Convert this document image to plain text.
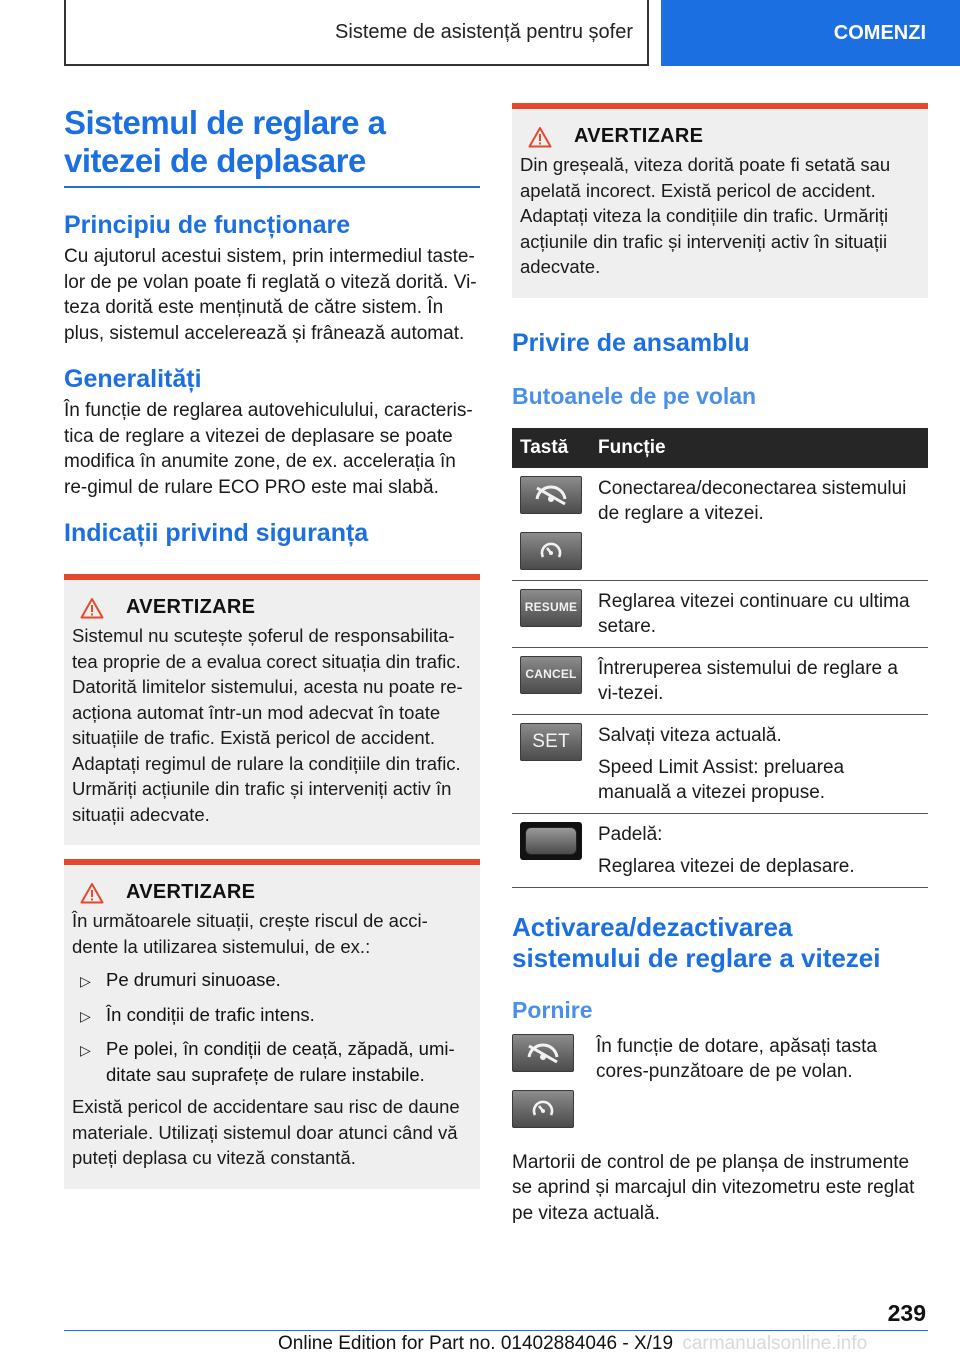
Sisteme de asistență pentru șofer	COMENZI
Sistemul de reglare a vitezei de deplasare
Principiu de funcționare

Cu ajutorul acestui sistem, prin intermediul taste-lor de pe volan poate fi reglată o viteză dorită. Vi-teza dorită este menținută de către sistem. În plus, sistemul accelerează și frânează automat.

Generalități

În funcție de reglarea autovehiculului, caracteris-tica de reglare a vitezei de deplasare se poate modifica în anumite zone, de ex. accelerația în re-gimul de rulare ECO PRO este mai slabă.

Indicații privind siguranța
AVERTIZARE

Sistemul nu scutește șoferul de responsabilita-tea proprie de a evalua corect situația din trafic. Datorită limitelor sistemului, acesta nu poate re-acționa automat într-un mod adecvat în toate situațiile de trafic. Există pericol de accident. Adaptați regimul de rulare la condițiile din trafic. Urmăriți acțiunile din trafic și interveniți activ în situații adecvate.

AVERTIZARE

În următoarele situații, crește riscul de acci-dente la utilizarea sistemului, de ex.:

▷ Pe drumuri sinuoase.
▷ În condiții de trafic intens.
▷ Pe polei, în condiții de ceață, zăpadă, umi-ditate sau suprafețe de rulare instabile.

Există pericol de accidentare sau risc de daune materiale. Utilizați sistemul doar atunci când vă puteți deplasa cu viteză constantă.

AVERTIZARE

Din greșeală, viteza dorită poate fi setată sau apelată incorect. Există pericol de accident. Adaptați viteza la condițiile din trafic. Urmăriți acțiunile din trafic și interveniți activ în situații adecvate.

Privire de ansamblu
Butoanele de pe volan
Tastă	Funcție

Conectarea/deconectarea sistemului de reglare a vitezei.

RESUME	Reglarea vitezei continuare cu ultima setare.

CANCEL	Întreruperea sistemului de reglare a vi-tezei.

SET	Salvați viteza actuală.

Speed Limit Assist: preluarea manuală a vitezei propuse.

	Padelă:

Reglarea vitezei de deplasare.

Activarea/dezactivarea sistemului de reglare a vitezei
Pornire

În funcție de dotare, apăsați tasta cores-punzătoare de pe volan.

Martorii de control de pe planșa de instrumente se aprind și marcajul din vitezometru este reglat pe viteza actuală.

239
Online Edition for Part no. 01402884046 - X/19 carmanualsonline.info
